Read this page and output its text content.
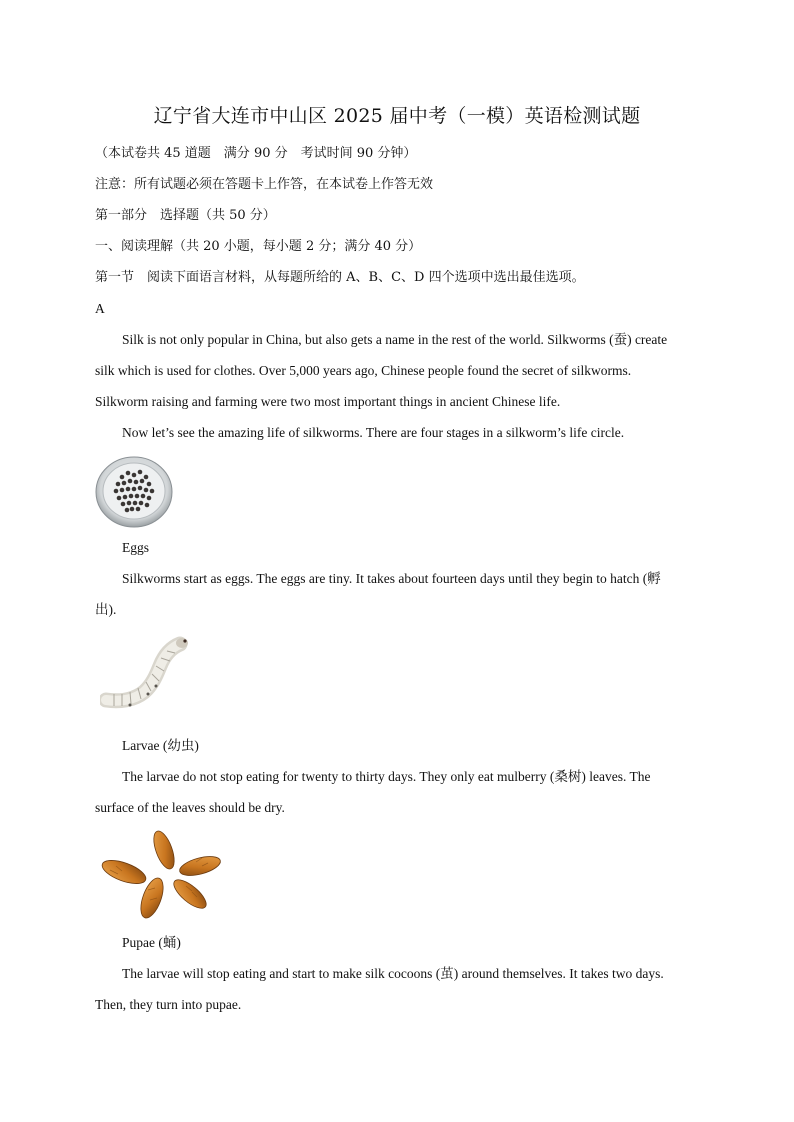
辽宁省大连市中山区 2025 届中考（一模）英语检测试题
（本试卷共 45 道题　满分 90 分　考试时间 90 分钟）
注意：所有试题必须在答题卡上作答，在本试卷上作答无效
第一部分　选择题（共 50 分）
一、阅读理解（共 20 小题，每小题 2 分；满分 40 分）
第一节　阅读下面语言材料，从每题所给的 A、B、C、D 四个选项中选出最佳选项。
A
Silk is not only popular in China, but also gets a name in the rest of the world. Silkworms (蚕) create
silk which is used for clothes. Over 5,000 years ago, Chinese people found the secret of silkworms.
Silkworm raising and farming were two most important things in ancient Chinese life.
Now let’s see the amazing life of silkworms. There are four stages in a silkworm’s life circle.
Eggs
Silkworms start as eggs. The eggs are tiny. It takes about fourteen days until they begin to hatch (孵
出).
Larvae (幼虫)
The larvae do not stop eating for twenty to thirty days. They only eat mulberry (桑树) leaves. The
surface of the leaves should be dry.
Pupae (蛹)
The larvae will stop eating and start to make silk cocoons (茧) around themselves. It takes two days.
Then, they turn into pupae.
